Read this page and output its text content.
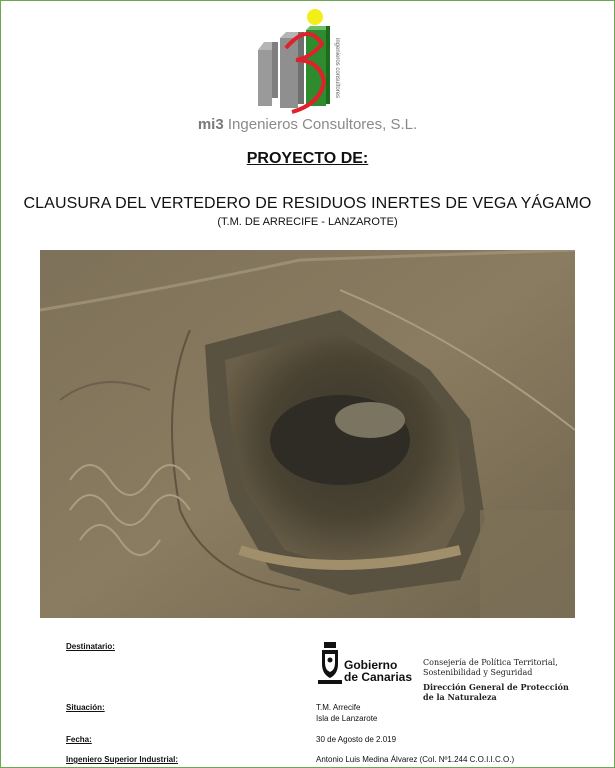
ingenieros consultores
mi3 Ingenieros Consultores, S.L.
PROYECTO DE:
CLAUSURA DEL VERTEDERO DE RESIDUOS INERTES DE VEGA YÁGAMO
(T.M. DE ARRECIFE - LANZAROTE)
Destinatario:
Gobierno
de Canarias
Consejería de Política Territorial,
Sostenibilidad y Seguridad
Dirección General de Protección
de la Naturaleza
Situación:	T.M. Arrecife
Isla de Lanzarote
Fecha:	30 de Agosto de 2.019
Ingeniero Superior Industrial:	Antonio Luis Medina Álvarez (Col. Nº1.244 C.O.I.I.C.O.)
